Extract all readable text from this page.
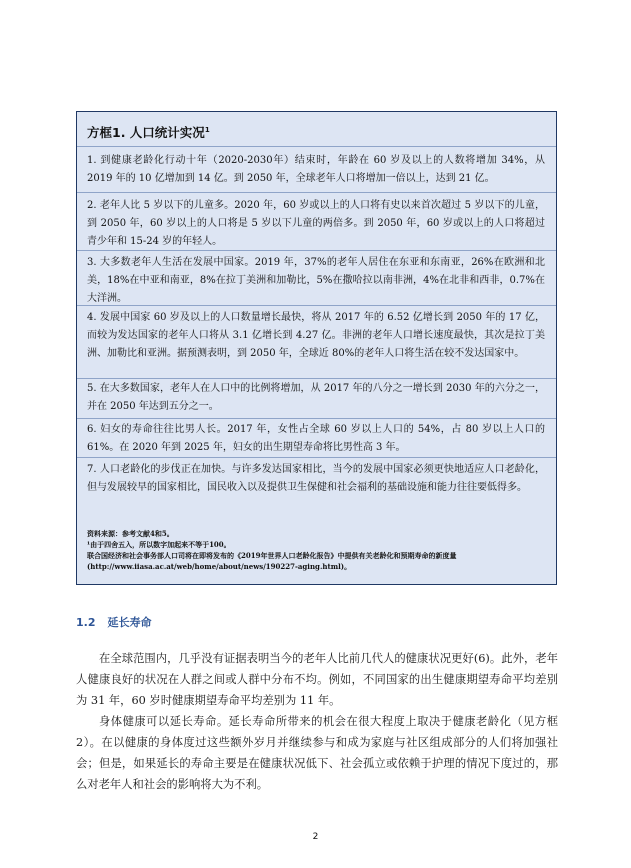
方框1. 人口统计实况$^1$
1. 到健康老龄化行动十年（2020-2030年）结束时，年龄在 60 岁及以上的人数将增加 34%，从 2019 年的 10 亿增加到 14 亿。到 2050 年，全球老年人口将增加一倍以上，达到 21 亿。
2. 老年人比 5 岁以下的儿童多。2020 年，60 岁或以上的人口将有史以来首次超过 5 岁以下的儿童，到 2050 年，60 岁以上的人口将是 5 岁以下儿童的两倍多。到 2050 年，60 岁或以上的人口将超过青少年和 15-24 岁的年轻人。
3. 大多数老年人生活在发展中国家。2019 年，37%的老年人居住在东亚和东南亚，26%在欧洲和北美，18%在中亚和南亚，8%在拉丁美洲和加勒比，5%在撒哈拉以南非洲，4%在北非和西非，0.7%在大洋洲。
4. 发展中国家 60 岁及以上的人口数量增长最快，将从 2017 年的 6.52 亿增长到 2050 年的 17 亿，而较为发达国家的老年人口将从 3.1 亿增长到 4.27 亿。非洲的老年人口增长速度最快，其次是拉丁美洲、加勒比和亚洲。据预测表明，到 2050 年，全球近 80%的老年人口将生活在较不发达国家中。
5. 在大多数国家，老年人在人口中的比例将增加，从 2017 年的八分之一增长到 2030 年的六分之一，并在 2050 年达到五分之一。
6. 妇女的寿命往往比男人长。2017 年，女性占全球 60 岁以上人口的 54%，占 80 岁以上人口的 61%。在 2020 年到 2025 年，妇女的出生期望寿命将比男性高 3 年。
7. 人口老龄化的步伐正在加快。与许多发达国家相比，当今的发展中国家必须更快地适应人口老龄化，但与发展较早的国家相比，国民收入以及提供卫生保健和社会福利的基础设施和能力往往要低得多。
资料来源：参考文献4和5。
¹由于四舍五入，所以数字加起来不等于100。
联合国经济和社会事务部人口司将在即将发布的《2019年世界人口老龄化报告》中提供有关老龄化和预期寿命的新度量
(http://www.iiasa.ac.at/web/home/about/news/190227-aging.html)。
1.2 延长寿命
在全球范围内，几乎没有证据表明当今的老年人比前几代人的健康状况更好(6)。此外，老年人健康良好的状况在人群之间或人群中分布不均。例如，不同国家的出生健康期望寿命平均差别为 31 年，60 岁时健康期望寿命平均差别为 11 年。
身体健康可以延长寿命。延长寿命所带来的机会在很大程度上取决于健康老龄化（见方框2）。在以健康的身体度过这些额外岁月并继续参与和成为家庭与社区组成部分的人们将加强社会；但是，如果延长的寿命主要是在健康状况低下、社会孤立或依赖于护理的情况下度过的，那么对老年人和社会的影响将大为不利。
2
